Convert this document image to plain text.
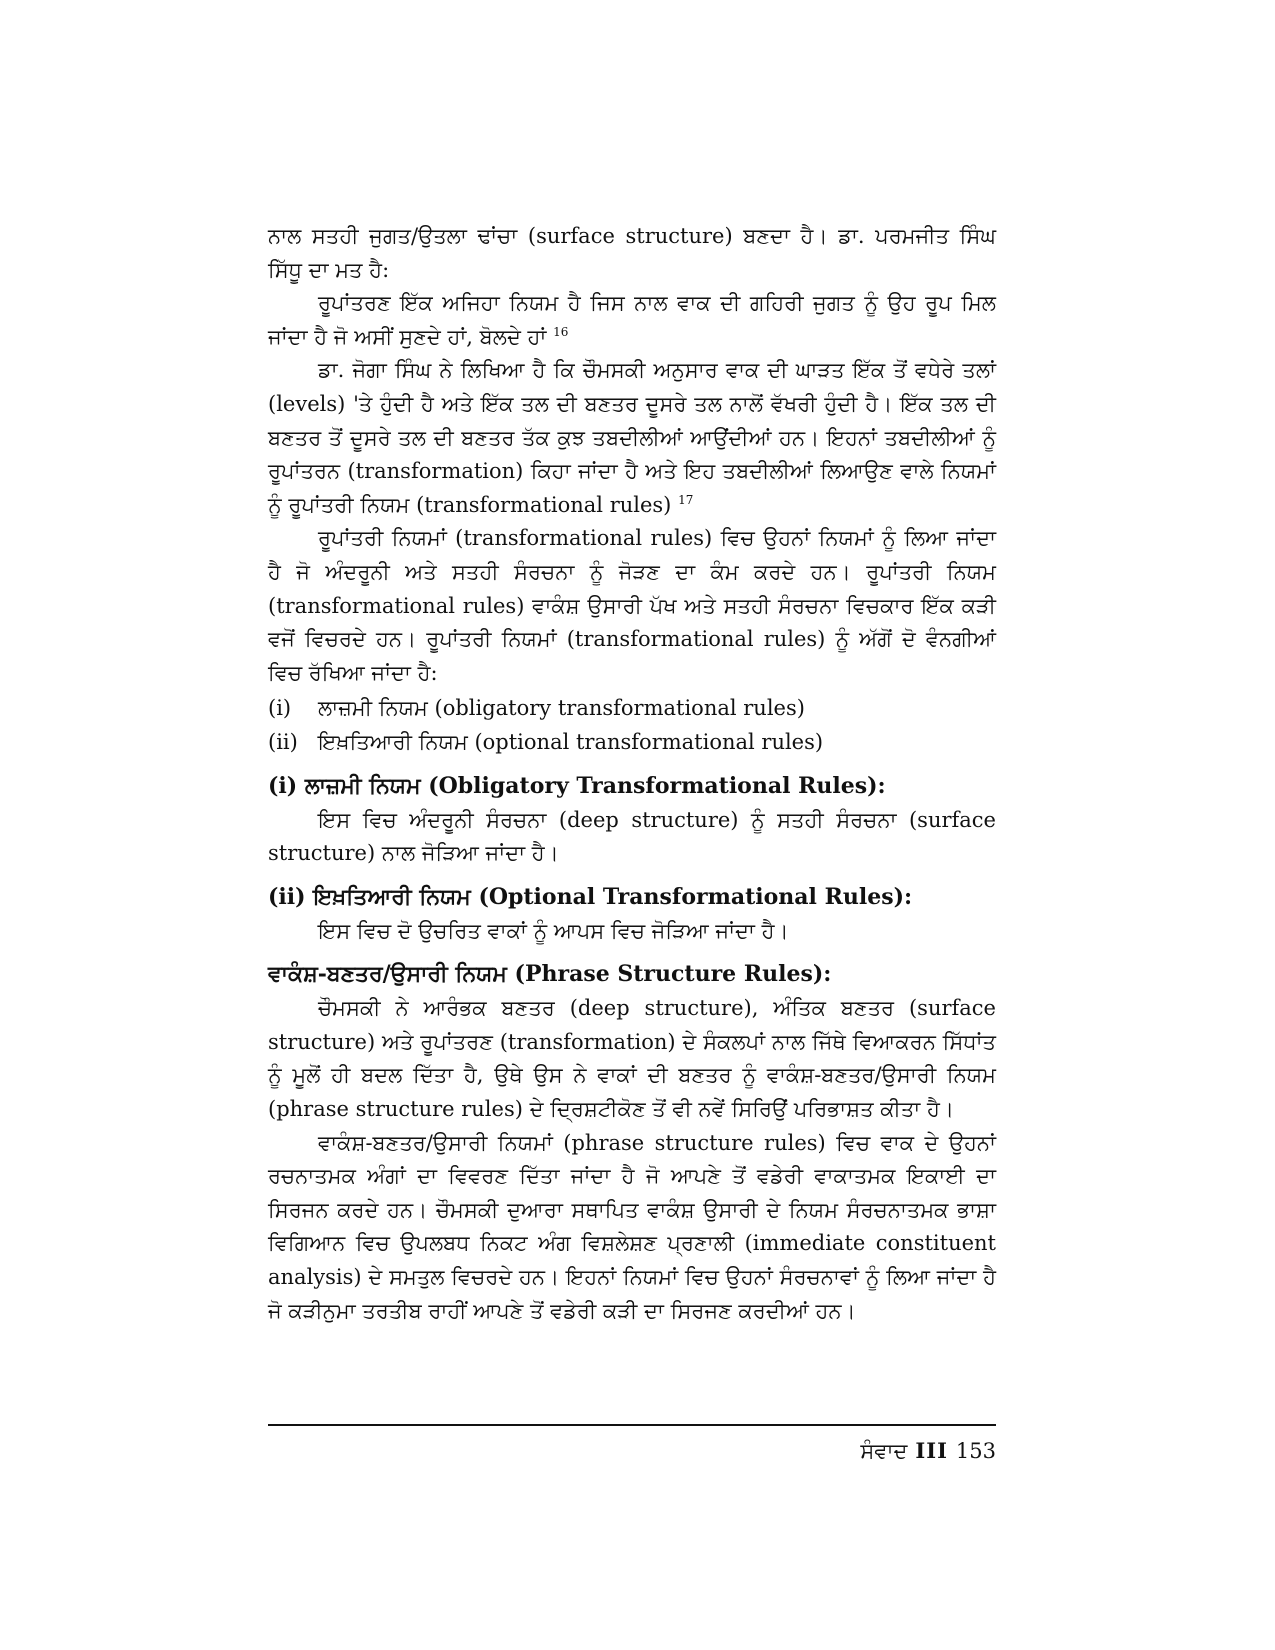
ਨਾਲ ਸਤਹੀ ਜੁਗਤ/ਉਤਲਾ ਢਾਂਚਾ (surface structure) ਬਣਦਾ ਹੈ। ਡਾ. ਪਰਮਜੀਤ ਸਿੰਘ ਸਿੱਧੂ ਦਾ ਮਤ ਹੈ:

ਰੂਪਾਂਤਰਣ ਇੱਕ ਅਜਿਹਾ ਨਿਯਮ ਹੈ ਜਿਸ ਨਾਲ ਵਾਕ ਦੀ ਗਹਿਰੀ ਜੁਗਤ ਨੂੰ ਉਹ ਰੂਪ ਮਿਲ ਜਾਂਦਾ ਹੈ ਜੋ ਅਸੀਂ ਸੁਣਦੇ ਹਾਂ, ਬੋਲਦੇ ਹਾਂ $^{16}$

ਡਾ. ਜੋਗਾ ਸਿੰਘ ਨੇ ਲਿਖਿਆ ਹੈ ਕਿ ਚੌਮਸਕੀ ਅਨੁਸਾਰ ਵਾਕ ਦੀ ਘਾੜਤ ਇੱਕ ਤੋਂ ਵਧੇਰੇ ਤਲਾਂ (levels) 'ਤੇ ਹੁੰਦੀ ਹੈ ਅਤੇ ਇੱਕ ਤਲ ਦੀ ਬਣਤਰ ਦੂਸਰੇ ਤਲ ਨਾਲੋਂ ਵੱਖਰੀ ਹੁੰਦੀ ਹੈ। ਇੱਕ ਤਲ ਦੀ ਬਣਤਰ ਤੋਂ ਦੂਸਰੇ ਤਲ ਦੀ ਬਣਤਰ ਤੱਕ ਕੁਝ ਤਬਦੀਲੀਆਂ ਆਉਂਦੀਆਂ ਹਨ। ਇਹਨਾਂ ਤਬਦੀਲੀਆਂ ਨੂੰ ਰੂਪਾਂਤਰਨ (transformation) ਕਿਹਾ ਜਾਂਦਾ ਹੈ ਅਤੇ ਇਹ ਤਬਦੀਲੀਆਂ ਲਿਆਉਣ ਵਾਲੇ ਨਿਯਮਾਂ ਨੂੰ ਰੂਪਾਂਤਰੀ ਨਿਯਮ (transformational rules) $^{17}$

ਰੂਪਾਂਤਰੀ ਨਿਯਮਾਂ (transformational rules) ਵਿਚ ਉਹਨਾਂ ਨਿਯਮਾਂ ਨੂੰ ਲਿਆ ਜਾਂਦਾ ਹੈ ਜੋ ਅੰਦਰੂਨੀ ਅਤੇ ਸਤਹੀ ਸੰਰਚਨਾ ਨੂੰ ਜੋੜਣ ਦਾ ਕੰਮ ਕਰਦੇ ਹਨ। ਰੂਪਾਂਤਰੀ ਨਿਯਮ (transformational rules) ਵਾਕੰਸ਼ ਉਸਾਰੀ ਪੱਖ ਅਤੇ ਸਤਹੀ ਸੰਰਚਨਾ ਵਿਚਕਾਰ ਇੱਕ ਕੜੀ ਵਜੋਂ ਵਿਚਰਦੇ ਹਨ। ਰੂਪਾਂਤਰੀ ਨਿਯਮਾਂ (transformational rules) ਨੂੰ ਅੱਗੋਂ ਦੋ ਵੰਨਗੀਆਂ ਵਿਚ ਰੱਖਿਆ ਜਾਂਦਾ ਹੈ:

(i)	ਲਾਜ਼ਮੀ ਨਿਯਮ (obligatory transformational rules)
(ii) ਇਖ਼ਤਿਆਰੀ ਨਿਯਮ (optional transformational rules)
(i) ਲਾਜ਼ਮੀ ਨਿਯਮ (Obligatory Transformational Rules):

ਇਸ ਵਿਚ ਅੰਦਰੂਨੀ ਸੰਰਚਨਾ (deep structure) ਨੂੰ ਸਤਹੀ ਸੰਰਚਨਾ (surface structure) ਨਾਲ ਜੋੜਿਆ ਜਾਂਦਾ ਹੈ।

(ii) ਇਖ਼ਤਿਆਰੀ ਨਿਯਮ (Optional Transformational Rules):

ਇਸ ਵਿਚ ਦੋ ਉਚਰਿਤ ਵਾਕਾਂ ਨੂੰ ਆਪਸ ਵਿਚ ਜੋੜਿਆ ਜਾਂਦਾ ਹੈ।

ਵਾਕੰਸ਼-ਬਣਤਰ/ਉਸਾਰੀ ਨਿਯਮ (Phrase Structure Rules):

ਚੌਮਸਕੀ ਨੇ ਆਰੰਭਕ ਬਣਤਰ (deep structure), ਅੰਤਿਕ ਬਣਤਰ (surface structure) ਅਤੇ ਰੂਪਾਂਤਰਣ (transformation) ਦੇ ਸੰਕਲਪਾਂ ਨਾਲ ਜਿੱਥੇ ਵਿਆਕਰਨ ਸਿੱਧਾਂਤ ਨੂੰ ਮੂਲੋਂ ਹੀ ਬਦਲ ਦਿੱਤਾ ਹੈ, ਉਥੇ ਉਸ ਨੇ ਵਾਕਾਂ ਦੀ ਬਣਤਰ ਨੂੰ ਵਾਕੰਸ਼-ਬਣਤਰ/ਉਸਾਰੀ ਨਿਯਮ (phrase structure rules) ਦੇ ਦ੍ਰਿਸ਼ਟੀਕੋਣ ਤੋਂ ਵੀ ਨਵੇਂ ਸਿਰਿਉਂ ਪਰਿਭਾਸ਼ਤ ਕੀਤਾ ਹੈ।

ਵਾਕੰਸ਼-ਬਣਤਰ/ਉਸਾਰੀ ਨਿਯਮਾਂ (phrase structure rules) ਵਿਚ ਵਾਕ ਦੇ ਉਹਨਾਂ ਰਚਨਾਤਮਕ ਅੰਗਾਂ ਦਾ ਵਿਵਰਣ ਦਿੱਤਾ ਜਾਂਦਾ ਹੈ ਜੋ ਆਪਣੇ ਤੋਂ ਵਡੇਰੀ ਵਾਕਾਤਮਕ ਇਕਾਈ ਦਾ ਸਿਰਜਨ ਕਰਦੇ ਹਨ। ਚੌਮਸਕੀ ਦੁਆਰਾ ਸਥਾਪਿਤ ਵਾਕੰਸ਼ ਉਸਾਰੀ ਦੇ ਨਿਯਮ ਸੰਰਚਨਾਤਮਕ ਭਾਸ਼ਾ ਵਿਗਿਆਨ ਵਿਚ ਉਪਲਬਧ ਨਿਕਟ ਅੰਗ ਵਿਸ਼ਲੇਸ਼ਣ ਪ੍ਰਣਾਲੀ (immediate constituent analysis) ਦੇ ਸਮਤੁਲ ਵਿਚਰਦੇ ਹਨ। ਇਹਨਾਂ ਨਿਯਮਾਂ ਵਿਚ ਉਹਨਾਂ ਸੰਰਚਨਾਵਾਂ ਨੂੰ ਲਿਆ ਜਾਂਦਾ ਹੈ ਜੋ ਕੜੀਨੁਮਾ ਤਰਤੀਬ ਰਾਹੀਂ ਆਪਣੇ ਤੋਂ ਵਡੇਰੀ ਕੜੀ ਦਾ ਸਿਰਜਣ ਕਰਦੀਆਂ ਹਨ।

ਸੰਵਾਦ III 153
